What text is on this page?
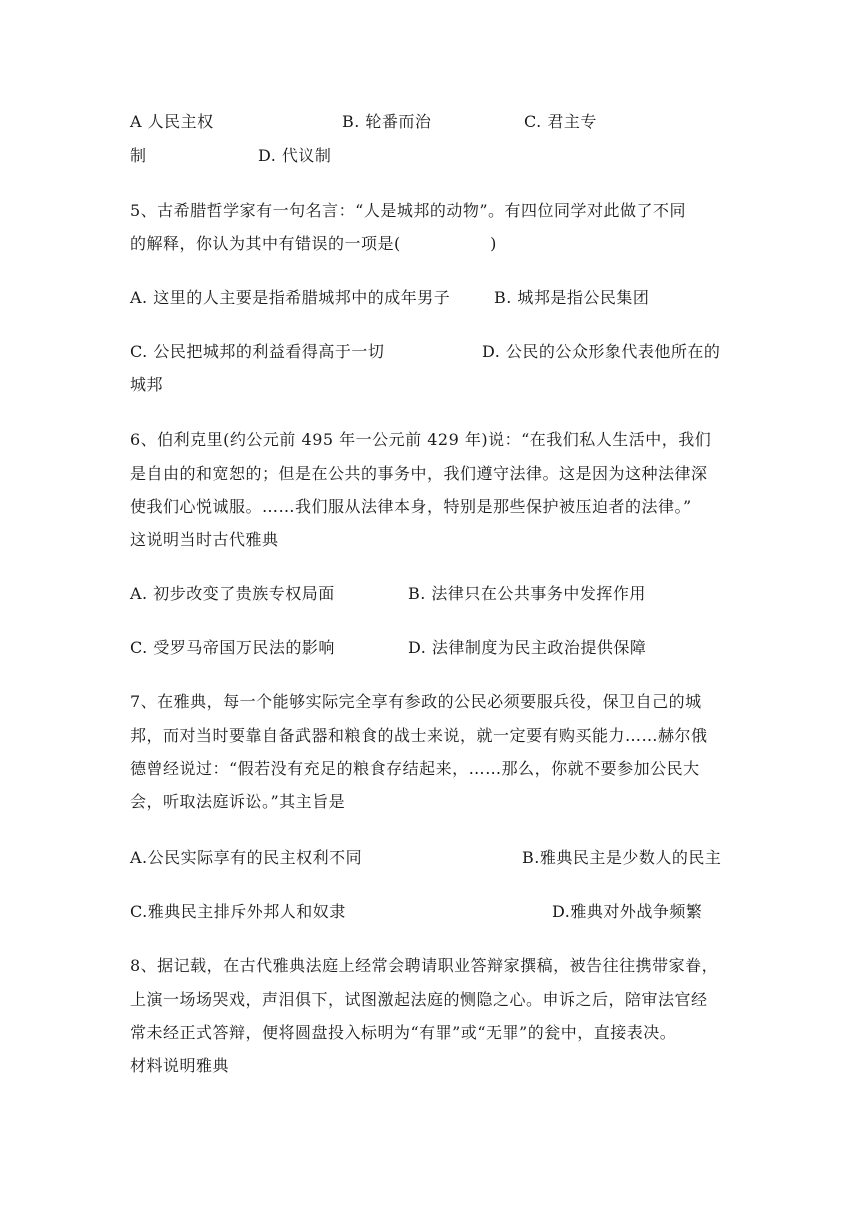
A 人民主权	B. 轮番而治	C. 君主专
制	D. 代议制

5、古希腊哲学家有一句名言：“人是城邦的动物”。有四位同学对此做了不同

的解释，你认为其中有错误的一项是(                )

A. 这里的人主要是指希腊城邦中的成年男子	B. 城邦是指公民集团
C. 公民把城邦的利益看得高于一切	D. 公民的公众形象代表他所在的
城邦

6、伯利克里(约公元前 495 年一公元前 429 年)说：“在我们私人生活中，我们

是自由的和宽恕的；但是在公共的事务中，我们遵守法律。这是因为这种法律深

使我们心悦诚服。……我们服从法律本身，特别是那些保护被压迫者的法律。”

这说明当时古代雅典

A. 初步改变了贵族专权局面	B. 法律只在公共事务中发挥作用
C. 受罗马帝国万民法的影响	D. 法律制度为民主政治提供保障

7、在雅典，每一个能够实际完全享有参政的公民必须要服兵役，保卫自己的城

邦，而对当时要靠自备武器和粮食的战士来说，就一定要有购买能力……赫尔俄

德曾经说过：“假若没有充足的粮食存结起来，……那么，你就不要参加公民大

会，听取法庭诉讼。”其主旨是

A.公民实际享有的民主权利不同	B.雅典民主是少数人的民主
C.雅典民主排斥外邦人和奴隶	D.雅典对外战争频繁

8、据记载，在古代雅典法庭上经常会聘请职业答辩家撰稿，被告往往携带家眷，

上演一场场哭戏，声泪俱下，试图激起法庭的恻隐之心。申诉之后，陪审法官经

常未经正式答辩，便将圆盘投入标明为“有罪”或“无罪”的瓮中，直接表决。

材料说明雅典
